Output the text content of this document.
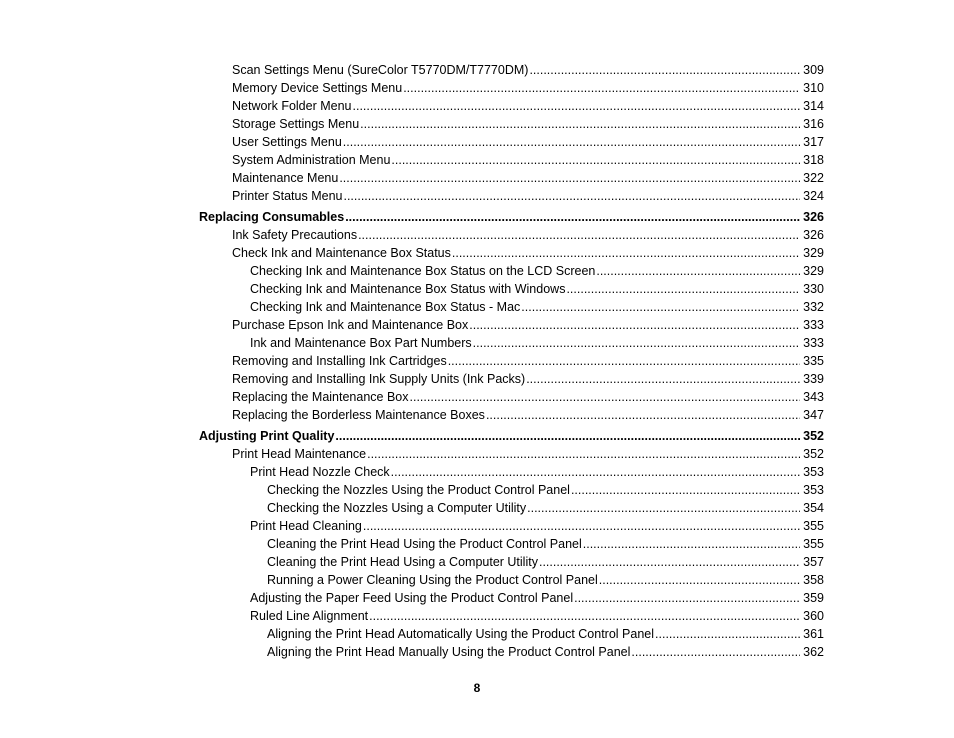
Scan Settings Menu (SureColor T5770DM/T7770DM) .....	309
Memory Device Settings Menu .....	310
Network Folder Menu .....	314
Storage Settings Menu .....	316
User Settings Menu .....	317
System Administration Menu .....	318
Maintenance Menu .....	322
Printer Status Menu .....	324
Replacing Consumables .....	326
Ink Safety Precautions .....	326
Check Ink and Maintenance Box Status .....	329
Checking Ink and Maintenance Box Status on the LCD Screen .....	329
Checking Ink and Maintenance Box Status with Windows .....	330
Checking Ink and Maintenance Box Status - Mac .....	332
Purchase Epson Ink and Maintenance Box .....	333
Ink and Maintenance Box Part Numbers .....	333
Removing and Installing Ink Cartridges .....	335
Removing and Installing Ink Supply Units (Ink Packs) .....	339
Replacing the Maintenance Box .....	343
Replacing the Borderless Maintenance Boxes .....	347
Adjusting Print Quality .....	352
Print Head Maintenance .....	352
Print Head Nozzle Check .....	353
Checking the Nozzles Using the Product Control Panel .....	353
Checking the Nozzles Using a Computer Utility .....	354
Print Head Cleaning .....	355
Cleaning the Print Head Using the Product Control Panel .....	355
Cleaning the Print Head Using a Computer Utility .....	357
Running a Power Cleaning Using the Product Control Panel .....	358
Adjusting the Paper Feed Using the Product Control Panel .....	359
Ruled Line Alignment .....	360
Aligning the Print Head Automatically Using the Product Control Panel .....	361
Aligning the Print Head Manually Using the Product Control Panel .....	362
8
